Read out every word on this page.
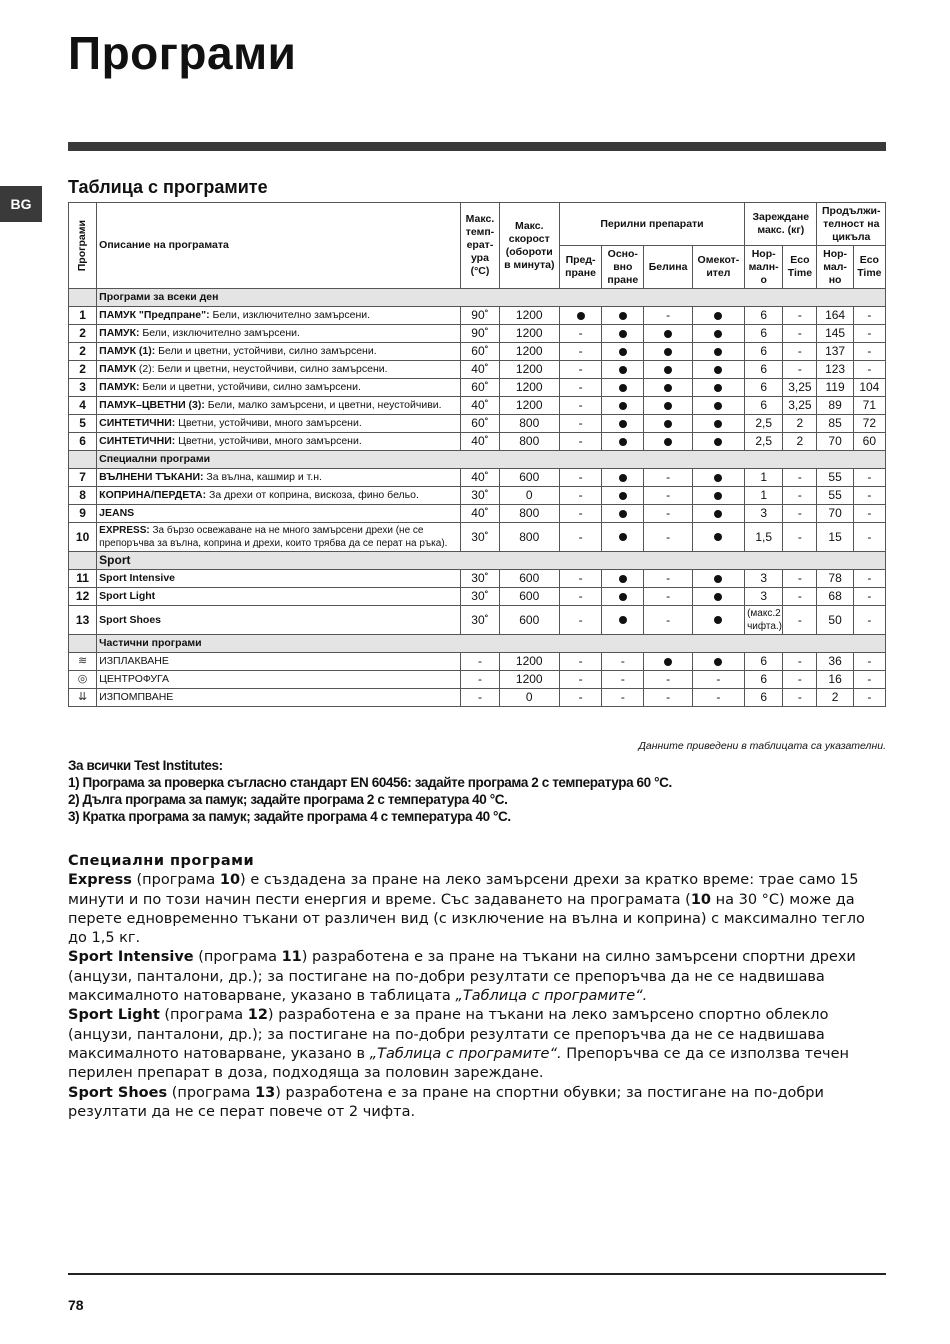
Програми
BG
Таблица с програмите
Програми	Описание на програмата	Макс. темп-ерат-ура (°C)	Макс. скорост (обороти в минута)	Перилни препарати				Зареждане макс. (кг)		Продължи-телност на цикъла	
				Пред-пране	Осно-вно пране	Белина	Омекот-ител	Нор-малн-о	Eco Time	Нор-мал-но	Eco Time
	Програми за всеки ден										
1	ПАМУК "Предпране": Бели, изключително замърсени.	90˚	1200			-		6	-	164	-
2	ПАМУК: Бели, изключително замърсени.	90˚	1200	-				6	-	145	-
2	ПАМУК (1): Бели и цветни, устойчиви, силно замърсени.	60˚	1200	-				6	-	137	-
2	ПАМУК (2): Бели и цветни, неустойчиви, силно замърсени.	40˚	1200	-				6	-	123	-
3	ПАМУК: Бели и цветни, устойчиви, силно замърсени.	60˚	1200	-				6	3,25	119	104
4	ПАМУК–ЦВЕТНИ (3): Бели, малко замърсени, и цветни, неустойчиви.	40˚	1200	-				6	3,25	89	71
5	СИНТЕТИЧНИ: Цветни, устойчиви, много замърсени.	60˚	800	-				2,5	2	85	72
6	СИНТЕТИЧНИ: Цветни, устойчиви, много замърсени.	40˚	800	-				2,5	2	70	60
	Специални програми										
7	ВЪЛНЕНИ ТЪКАНИ: За вълна, кашмир и т.н.	40˚	600	-		-		1	-	55	-
8	КОПРИНА/ПЕРДЕТА: За дрехи от коприна, вискоза, фино бельо.	30˚	0	-		-		1	-	55	-
9	JEANS	40˚	800	-		-		3	-	70	-
10	EXPRESS: За бързо освежаване на не много замърсени дрехи (не се препоръчва за вълна, коприна и дрехи, които трябва да се перат на ръка).	30˚	800	-		-		1,5	-	15	-
	Sport										
11	Sport Intensive	30˚	600	-		-		3	-	78	-
12	Sport Light	30˚	600	-		-		3	-	68	-
13	Sport Shoes	30˚	600	-		-		(макс.2 чифта.)	-	50	-
	Частични програми										
≋	ИЗПЛАКВАНЕ	-	1200	-	-			6	-	36	-
◎	ЦЕНТРОФУГА	-	1200	-	-	-	-	6	-	16	-
⇊	ИЗПОМПВАНЕ	-	0	-	-	-	-	6	-	2	-
Данните приведени в таблицата са указателни.
За всички Test Institutes:
1) Програма за проверка съгласно стандарт EN 60456: задайте програма 2 с температура 60 °C.
2) Дълга програма за памук; задайте програма 2 с температура 40 °C.
3) Кратка програма за памук; задайте програма 4 с температура 40 °C.
Специални програми

Express (програма 10) е създадена за пране на леко замърсени дрехи за кратко време: трае само 15 минути и по този начин пести енергия и време. Със задаването на програмата (10 на 30 °C) може да перете едновременно тъкани от различен вид (с изключение на вълна и коприна) с максимално тегло до 1,5 кг.

Sport Intensive (програма 11) разработена е за пране на тъкани на силно замърсени спортни дрехи (анцузи, панталони, др.); за постигане на по-добри резултати се препоръчва да не се надвишава максималното натоварване, указано в таблицата „Таблица с програмите“.

Sport Light (програма 12) разработена е за пране на тъкани на леко замърсено спортно облекло (анцузи, панталони, др.); за постигане на по-добри резултати се препоръчва да не се надвишава максималното натоварване, указано в „Таблица с програмите“. Препоръчва се да се използва течен перилен препарат в доза, подходяща за половин зареждане.

Sport Shoes (програма 13) разработена е за пране на спортни обувки; за постигане на по-добри резултати да не се перат повече от 2 чифта.

78
